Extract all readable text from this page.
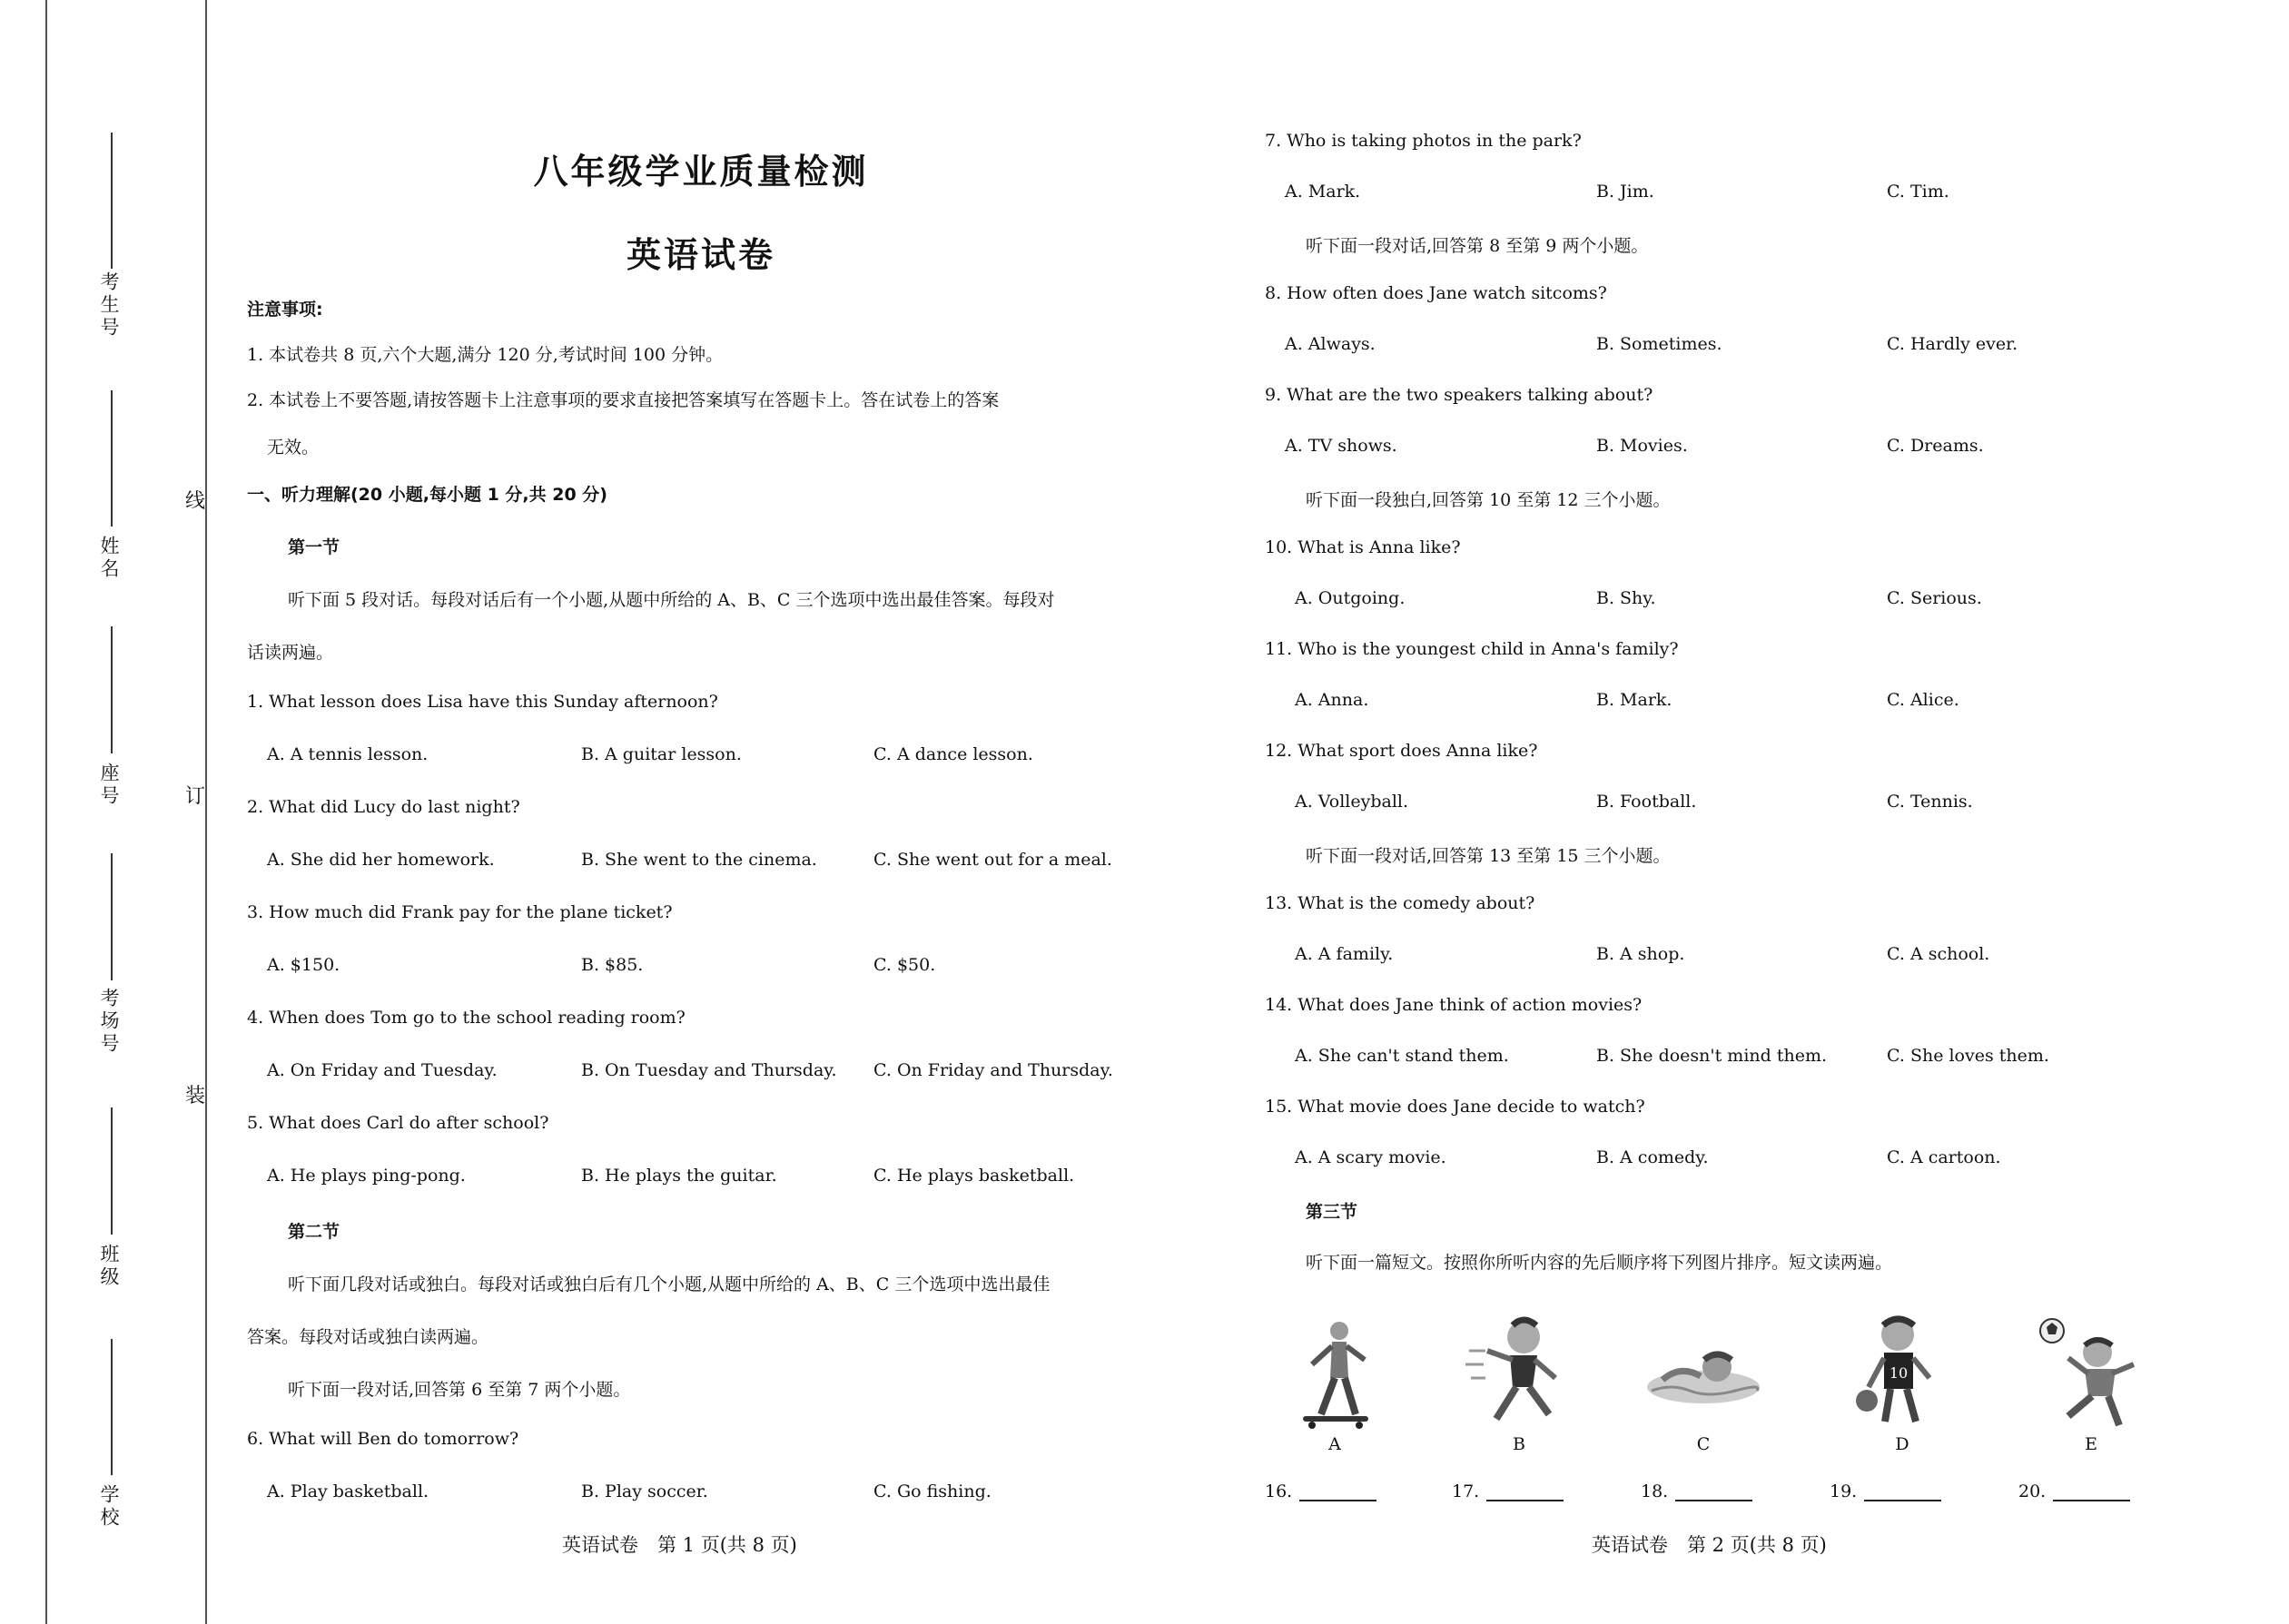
考生号
姓名
座号
考场号
班级
学校
线
订
装
八年级学业质量检测
英语试卷
注意事项:
1. 本试卷共 8 页,六个大题,满分 120 分,考试时间 100 分钟。
2. 本试卷上不要答题,请按答题卡上注意事项的要求直接把答案填写在答题卡上。答在试卷上的答案
无效。
一、听力理解(20 小题,每小题 1 分,共 20 分)
第一节
听下面 5 段对话。每段对话后有一个小题,从题中所给的 A、B、C 三个选项中选出最佳答案。每段对
话读两遍。
1. What lesson does Lisa have this Sunday afternoon?
A. A tennis lesson.	B. A guitar lesson.	C. A dance lesson.
2. What did Lucy do last night?
A. She did her homework.	B. She went to the cinema.	C. She went out for a meal.
3. How much did Frank pay for the plane ticket?
A. $150.	B. $85.	C. $50.
4. When does Tom go to the school reading room?
A. On Friday and Tuesday.	B. On Tuesday and Thursday. C. On Friday and Thursday.
5. What does Carl do after school?
A. He plays ping-pong.	B. He plays the guitar.	C. He plays basketball.
第二节
听下面几段对话或独白。每段对话或独白后有几个小题,从题中所给的 A、B、C 三个选项中选出最佳
答案。每段对话或独白读两遍。
听下面一段对话,回答第 6 至第 7 两个小题。
6. What will Ben do tomorrow?
A. Play basketball.	B. Play soccer.	C. Go fishing.
英语试卷　第 1 页(共 8 页)
7. Who is taking photos in the park?
A. Mark.	B. Jim.	C. Tim.
听下面一段对话,回答第 8 至第 9 两个小题。
8. How often does Jane watch sitcoms?
A. Always.	B. Sometimes.	C. Hardly ever.
9. What are the two speakers talking about?
A. TV shows.	B. Movies.	C. Dreams.
听下面一段独白,回答第 10 至第 12 三个小题。
10. What is Anna like?
A. Outgoing.	B. Shy.	C. Serious.
11. Who is the youngest child in Anna's family?
A. Anna.	B. Mark.	C. Alice.
12. What sport does Anna like?
A. Volleyball.	B. Football.	C. Tennis.
听下面一段对话,回答第 13 至第 15 三个小题。
13. What is the comedy about?
A. A family.	B. A shop.	C. A school.
14. What does Jane think of action movies?
A. She can't stand them.	B. She doesn't mind them.	C. She loves them.
15. What movie does Jane decide to watch?
A. A scary movie.	B. A comedy.	C. A cartoon.
第三节
听下面一篇短文。按照你所听内容的先后顺序将下列图片排序。短文读两遍。
10
A	B	C	D	E
16.	17.	18.	19.	20.
英语试卷　第 2 页(共 8 页)
